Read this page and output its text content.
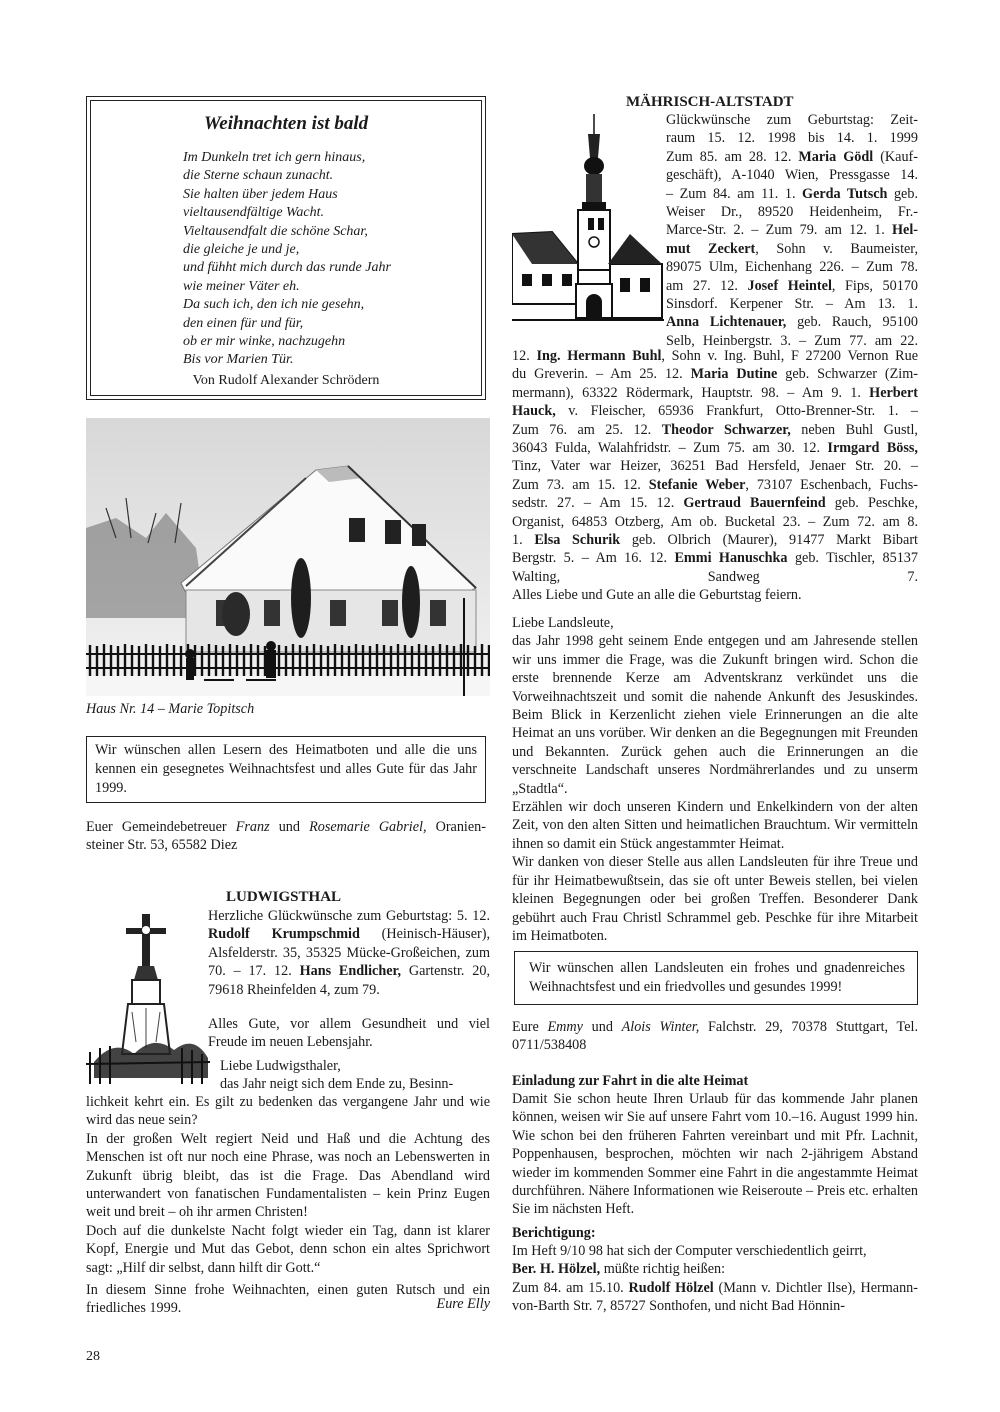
Weihnachten ist bald
Im Dunkeln tret ich gern hinaus,
die Sterne schaun zunacht.
Sie halten über jedem Haus
vieltausendfältige Wacht.
Vieltausendfalt die schöne Schar,
die gleiche je und je,
und fühht mich durch das runde Jahr
wie meiner Väter eh.
Da such ich, den ich nie gesehn,
den einen für und für,
ob er mir winke, nachzugehn
Bis vor Marien Tür.
Von Rudolf Alexander Schrödern
Haus Nr. 14 – Marie Topitsch
Wir wünschen allen Lesern des Heimatboten und alle die uns kennen ein gesegnetes Weihnachtsfest und alles Gute für das Jahr 1999.
Euer Gemeindebetreuer Franz und Rosemarie Gabriel, Oranien-steiner Str. 53, 65582 Diez
LUDWIGSTHAL
Herzliche Glückwünsche zum Geburtstag: 5. 12. Rudolf Krumpschmid (Heinisch-Häuser), Alsfelderstr. 35, 35325 Mücke-Großeichen, zum 70. – 17. 12. Hans Endlicher, Gartenstr. 20, 79618 Rheinfelden 4, zum 79.
Alles Gute, vor allem Gesundheit und viel Freude im neuen Lebensjahr.
Liebe Ludwigsthaler,
das Jahr neigt sich dem Ende zu, Besinn-

lichkeit kehrt ein. Es gilt zu bedenken das vergangene Jahr und wie wird das neue sein?

In der großen Welt regiert Neid und Haß und die Achtung des Menschen ist oft nur noch eine Phrase, was noch an Lebenswerten in Zukunft übrig bleibt, das ist die Frage. Das Abendland wird unterwandert von fanatischen Fundamentalisten – kein Prinz Eugen weit und breit – oh ihr armen Christen!

Doch auf die dunkelste Nacht folgt wieder ein Tag, dann ist klarer Kopf, Energie und Mut das Gebot, denn schon ein altes Sprichwort sagt: „Hilf dir selbst, dann hilft dir Gott.“

In diesem Sinne frohe Weihnachten, einen guten Rutsch und ein friedliches 1999.	Eure Elly
28
MÄHRISCH-ALTSTADT
Glückwünsche zum Geburtstag: Zeit-
raum 15. 12. 1998 bis 14. 1. 1999
Zum 85. am 28. 12. Maria Gödl (Kauf-
geschäft), A-1040 Wien, Pressgasse 14.
– Zum 84. am 11. 1. Gerda Tutsch geb.
Weiser Dr., 89520 Heidenheim, Fr.-
Marce-Str. 2. – Zum 79. am 12. 1. Hel-
mut Zeckert, Sohn v. Baumeister,
89075 Ulm, Eichenhang 226. – Zum 78.
am 27. 12. Josef Heintel, Fips, 50170
Sinsdorf. Kerpener Str. – Am 13. 1.
Anna Lichtenauer, geb. Rauch, 95100
Selb, Heinbergstr. 3. – Zum 77. am 22.
12. Ing. Hermann Buhl, Sohn v. Ing. Buhl, F 27200 Vernon Rue
du Greverin. – Am 25. 12. Maria Dutine geb. Schwarzer (Zim-
mermann), 63322 Rödermark, Hauptstr. 98. – Am 9. 1. Herbert
Hauck, v. Fleischer, 65936 Frankfurt, Otto-Brenner-Str. 1. –
Zum 76. am 25. 12. Theodor Schwarzer, neben Buhl Gustl,
36043 Fulda, Walahfridstr. – Zum 75. am 30. 12. Irmgard Böss,
Tinz, Vater war Heizer, 36251 Bad Hersfeld, Jenaer Str. 20. –
Zum 73. am 15. 12. Stefanie Weber, 73107 Eschenbach, Fuchs-
sedstr. 27. – Am 15. 12. Gertraud Bauernfeind geb. Peschke,
Organist, 64853 Otzberg, Am ob. Bucketal 23. – Zum 72. am 8.
1. Elsa Schurik geb. Olbrich (Maurer), 91477 Markt Bibart
Bergstr. 5. – Am 16. 12. Emmi Hanuschka geb. Tischler, 85137
Walting, Sandweg 7.
Alles Liebe und Gute an alle die Geburtstag feiern.

Liebe Landsleute,

das Jahr 1998 geht seinem Ende entgegen und am Jahresende stellen wir uns immer die Frage, was die Zukunft bringen wird. Schon die erste brennende Kerze am Adventskranz verkündet uns die Vorweihnachtszeit und somit die nahende Ankunft des Jesuskindes. Beim Blick in Kerzenlicht ziehen viele Erinnerungen an die alte Heimat an uns vorüber. Wir denken an die Begegnungen mit Freunden und Bekannten. Zurück gehen auch die Erinnerungen an die verschneite Landschaft unseres Nordmährerlandes und zu unserm „Stadtla“.

Erzählen wir doch unseren Kindern und Enkelkindern von der alten Zeit, von den alten Sitten und heimatlichen Brauchtum. Wir vermitteln ihnen so damit ein Stück angestammter Heimat.

Wir danken von dieser Stelle aus allen Landsleuten für ihre Treue und für ihr Heimatbewußtsein, das sie oft unter Beweis stellen, bei vielen kleinen Begegnungen oder bei großen Treffen. Besonderer Dank gebührt auch Frau Christl Schrammel geb. Peschke für ihre Mitarbeit im Heimatboten.

Wir wünschen allen Landsleuten ein frohes und gnadenreiches Weihnachtsfest und ein friedvolles und gesundes 1999!
Eure Emmy und Alois Winter, Falchstr. 29, 70378 Stuttgart, Tel. 0711/538408
Einladung zur Fahrt in die alte Heimat
Damit Sie schon heute Ihren Urlaub für das kommende Jahr planen können, weisen wir Sie auf unsere Fahrt vom 10.–16. August 1999 hin. Wie schon bei den früheren Fahrten vereinbart und mit Pfr. Lachnit, Poppenhausen, besprochen, möchten wir nach 2-jährigem Abstand wieder im kommenden Sommer eine Fahrt in die angestammte Heimat durchführen. Nähere Informationen wie Reiseroute – Preis etc. erhalten Sie im nächsten Heft.
Berichtigung:
Im Heft 9/10 98 hat sich der Computer verschiedentlich geirrt,
Ber. H. Hölzel, müßte richtig heißen:
Zum 84. am 15.10. Rudolf Hölzel (Mann v. Dichtler Ilse), Hermann-von-Barth Str. 7, 85727 Sonthofen, und nicht Bad Hönnin-
